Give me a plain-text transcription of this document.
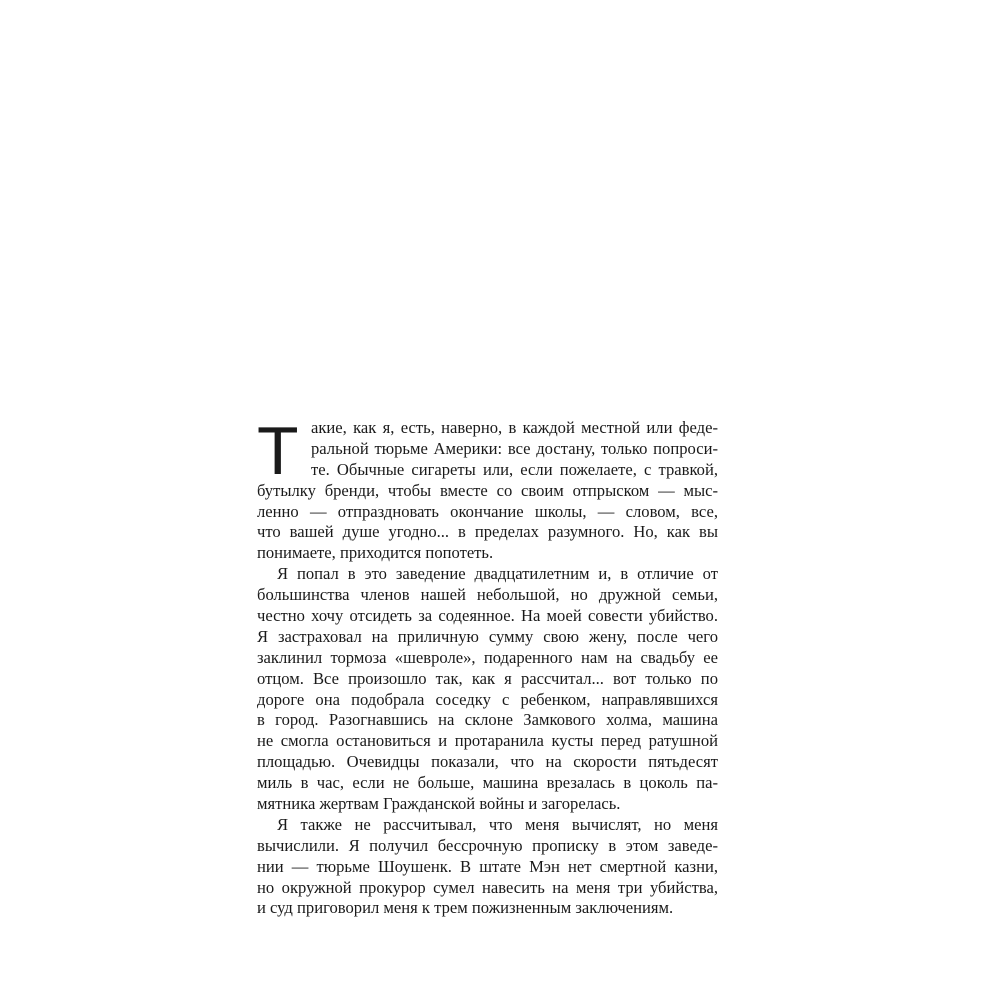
Т акие, как я, есть, наверно, в каждой местной или феде-
ральной тюрьме Америки: все достану, только попроси-
те. Обычные сигареты или, если пожелаете, с травкой,
бутылку бренди, чтобы вместе со своим отпрыском — мыс-
ленно — отпраздновать окончание школы, — словом, все,
что вашей душе угодно... в пределах разумного. Но, как вы
понимаете, приходится попотеть.
Я попал в это заведение двадцатилетним и, в отличие от
большинства членов нашей небольшой, но дружной семьи,
честно хочу отсидеть за содеянное. На моей совести убийство.
Я застраховал на приличную сумму свою жену, после чего
заклинил тормоза «шевроле», подаренного нам на свадьбу ее
отцом. Все произошло так, как я рассчитал... вот только по
дороге она подобрала соседку с ребенком, направлявшихся
в город. Разогнавшись на склоне Замкового холма, машина
не смогла остановиться и протаранила кусты перед ратушной
площадью. Очевидцы показали, что на скорости пятьдесят
миль в час, если не больше, машина врезалась в цоколь па-
мятника жертвам Гражданской войны и загорелась.
Я также не рассчитывал, что меня вычислят, но меня
вычислили. Я получил бессрочную прописку в этом заведе-
нии — тюрьме Шоушенк. В штате Мэн нет смертной казни,
но окружной прокурор сумел навесить на меня три убийства,
и суд приговорил меня к трем пожизненным заключениям.
